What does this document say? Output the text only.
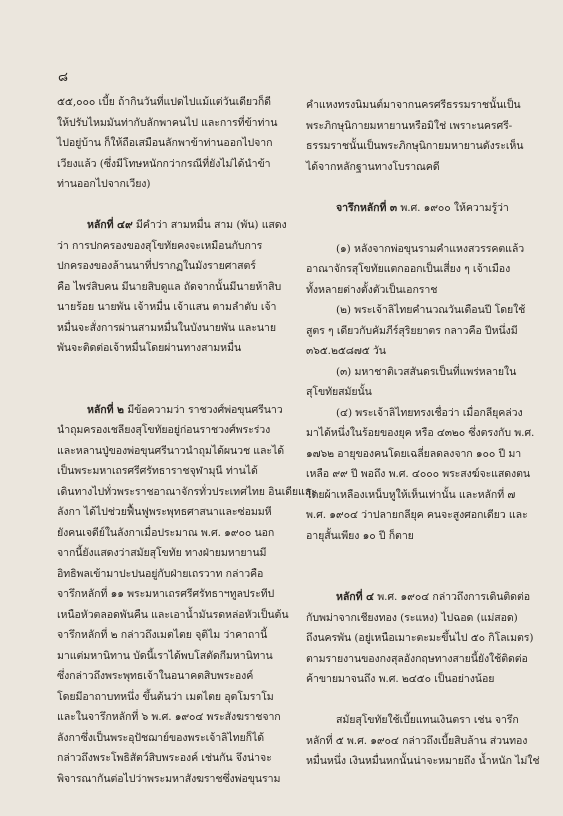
๘
๕๕,๐๐๐ เบี้ย ถ้ากินวันที่แปดไปแม้แต่วันเดียวก็ดี
ให้ปรับไหมมันท่ากับลักพาคนไป และการที่ข้าท่าน
ไปอยู่บ้าน ก็ให้ถือเสมือนลักพาข้าท่านออกไปจาก
เวียงแล้ว (ซึ่งมีโทษหนักกว่ากรณีที่ยังไม่ได้นำข้า
ท่านออกไปจากเวียง)
หลักที่ ๔๙ มีคำว่า สามหมื่น สาม (พัน) แสดง
ว่า การปกครองของสุโขทัยคงจะเหมือนกับการ
ปกครองของล้านนาที่ปรากฏในมังรายศาสตร์
คือ ไพร่สิบคน มีนายสิบดูแล ถัดจากนั้นมีนายห้าสิบ
นายร้อย นายพัน เจ้าหมื่น เจ้าแสน ตามลำดับ เจ้า
หมื่นจะสั่งการผ่านสามหมื่นในบังนายพัน และนาย
พันจะติดต่อเจ้าหมื่นโดยผ่านทางสามหมื่น
หลักที่ ๒ มีข้อความว่า ราชวงศ์พ่อขุนศรีนาว
นำถุมครองเชลียงสุโขทัยอยู่ก่อนราชวงศ์พระร่วง
และหลานปู่ของพ่อขุนศรีนาวนำถุมได้ผนวช และได้
เป็นพระมหาเถรศรีศรัทธาราชจุฬามุนี ท่านได้
เดินทางไปทั่วพระราชอาณาจักรทั่วประเทศไทย อินเดียและ
ลังกา ได้ไปช่วยฟื้นฟูพระพุทธศาสนาและซ่อมมหี
ยังคนเจดีย์ในลังกาเมื่อประมาณ พ.ศ. ๑๙๐๐ นอก
จากนี้ยังแสดงว่าสมัยสุโขทัย ทางฝ่ายมหายานมี
อิทธิพลเข้ามาปะปนอยู่กับฝ่ายเถรวาท กล่าวคือ
จารึกหลักที่ ๑๑ พระมหาเถรศรีศรัทธาฯทูลประทีป
เหนือหัวตลอดพันคืน และเอาน้ำมันรดหล่อหัวเป็นต้น
จารึกหลักที่ ๒ กล่าวถึงเมตไตย จุติไม ว่าคาถานี้
มาแต่มหานิทาน บัดนี้เราได้พบโสตัดกีมหานิทาน
ซึ่งกล่าวถึงพระพุทธเจ้าในอนาคตสิบพระองค์
โดยมีอาถาบทหนึ่ง ขึ้นต้นว่า เมตไตย อุตโมราโม
และในจารึกหลักที่ ๖ พ.ศ. ๑๙๐๔ พระสังฆราชจาก
ลังกาซึ่งเป็นพระอุปัชฌาย์ของพระเจ้าลิไทยก็ได้
กล่าวถึงพระโพธิสัตว์สิบพระองค์ เช่นกัน จึงน่าจะ
พิจารณากันต่อไปว่าพระมหาสังฆราชซึ่งพ่อขุนราม
คำแหงทรงนิมนต์มาจากนครศรีธรรมราชนั้นเป็น
พระภิกษุนิกายมหายานหรือมิใช่ เพราะนครศรี-
ธรรมราชนั้นเป็นพระภิกษุนิกายมหายานดังระเห็น
ได้จากหลักฐานทางโบราณคดี
จารึกหลักที่ ๓ พ.ศ. ๑๙๐๐ ให้ความรู้ว่า
(๑) หลังจากพ่อขุนรามคำแหงสวรรคตแล้ว
อาณาจักรสุโขทัยแตกออกเป็นเสี่ยง ๆ เจ้าเมือง
ทั้งหลายต่างตั้งตัวเป็นเอกราช
(๒) พระเจ้าลิไทยคำนวณวันเดือนปี โดยใช้
สูตร ๆ เดียวกับคัมภีร์สุริยยาตร กลาวคือ ปีหนึ่งมี
๓๖๕.๒๕๘๗๕ วัน
(๓) มหาชาติเวสสันดรเป็นที่แพร่หลายใน
สุโขทัยสมัยนั้น
(๔) พระเจ้าลิไทยทรงเชื่อว่า เมื่อกลียุคล่วง
มาได้หนึ่งในร้อยของยุค หรือ ๔๓๒๐ ซึ่งตรงกับ พ.ศ.
๑๗๖๒ อายุของคนโดยเฉลี่ยลดลงจาก ๑๐๐ ปี มา
เหลือ ๙๙ ปี พอถึง พ.ศ. ๔๐๐๐ พระสงฆ์จะแสดงตน
โดยผ้าเหลืองเหน็บหูให้เห็นเท่านั้น และหลักที่ ๗
พ.ศ. ๑๙๐๔ ว่าปลายกลียุค คนจะสูงศอกเดียว และ
อายุสั้นเพียง ๑๐ ปี ก็ตาย
หลักที่ ๔ พ.ศ. ๑๙๐๔ กล่าวถึงการเดินติดต่อ
กับพม่าจากเชียงทอง (ระแหง) ไปฉอด (แม่สอด)
ถึงนครพัน (อยู่เหนือเมาะตะมะขึ้นไป ๕๐ กิโลเมตร)
ตามรายงานของกงสุลอังกฤษทางสายนี้ยังใช้ติดต่อ
ค้าขายมาจนถึง พ.ศ. ๒๔๕๐ เป็นอย่างน้อย
สมัยสุโขทัยใช้เบี้ยแทนเงินตรา เช่น จารึก
หลักที่ ๕ พ.ศ. ๑๙๐๔ กล่าวถึงเบี้ยสิบล้าน ส่วนทอง
หมื่นหนึ่ง เงินหมื่นหกนั้นน่าจะหมายถึง น้ำหนัก ไม่ใช่
